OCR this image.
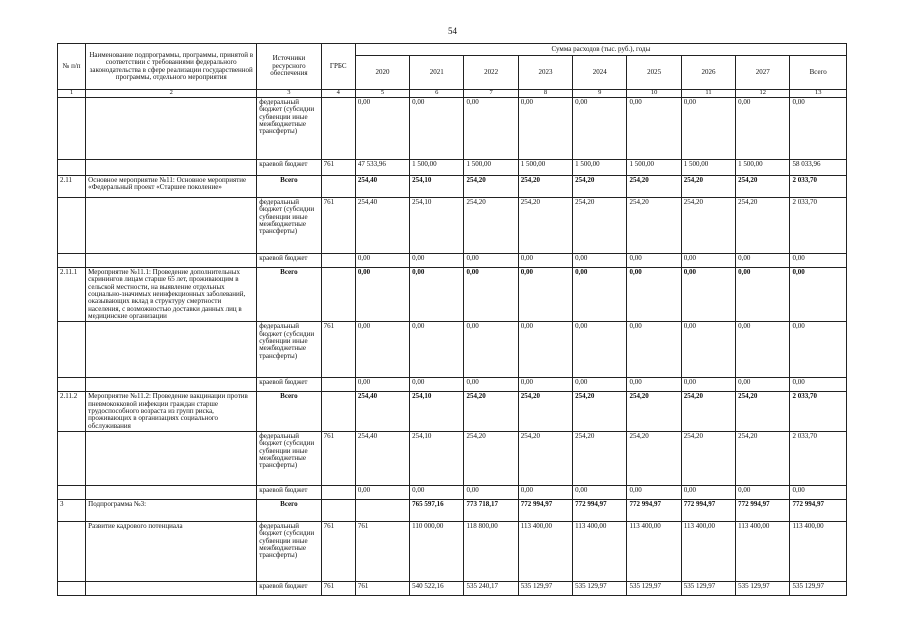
54
№ п/п	Наименование подпрограммы, программы, принятой в соответствии с требованиями федерального законодательства в сфере реализации государственной программы, отдельного мероприятия	Источники ресурсного обеспечения	ГРБС	Сумма расходов (тыс. руб.), годы								
				2020	2021	2022	2023	2024	2025	2026	2027	Всего
1	2	3	4	5	6	7	8	9	10	11	12	13
		федеральный бюджет (субсидии субвенции иные межбюджетные трансферты)		0,00	0,00	0,00	0,00	0,00	0,00	0,00	0,00	0,00
		краевой бюджет	761	47 533,96	1 500,00	1 500,00	1 500,00	1 500,00	1 500,00	1 500,00	1 500,00	58 033,96
2.11	Основное мероприятие №11: Основное мероприятие «Федеральный проект «Старшее поколение»	Всего		254,40	254,10	254,20	254,20	254,20	254,20	254,20	254,20	2 033,70
		федеральный бюджет (субсидии субвенции иные межбюджетные трансферты)	761	254,40	254,10	254,20	254,20	254,20	254,20	254,20	254,20	2 033,70
		краевой бюджет		0,00	0,00	0,00	0,00	0,00	0,00	0,00	0,00	0,00
2.11.1	Мероприятие №11.1: Проведение дополнительных скринингов лицам старше 65 лет, проживающим в сельской местности, на выявление отдельных социально-значимых неинфекционных заболеваний, оказывающих вклад в структуру смертности населения, с возможностью доставки данных лиц в медицинские организации	Всего		0,00	0,00	0,00	0,00	0,00	0,00	0,00	0,00	0,00
		федеральный бюджет (субсидии субвенции иные межбюджетные трансферты)	761	0,00	0,00	0,00	0,00	0,00	0,00	0,00	0,00	0,00
		краевой бюджет		0,00	0,00	0,00	0,00	0,00	0,00	0,00	0,00	0,00
2.11.2	Мероприятие №11.2: Проведение вакцинации против пневмококковой инфекции граждан старше трудоспособного возраста из групп риска, проживающих в организациях социального обслуживания	Всего		254,40	254,10	254,20	254,20	254,20	254,20	254,20	254,20	2 033,70
		федеральный бюджет (субсидии субвенции иные межбюджетные трансферты)	761	254,40	254,10	254,20	254,20	254,20	254,20	254,20	254,20	2 033,70
		краевой бюджет		0,00	0,00	0,00	0,00	0,00	0,00	0,00	0,00	0,00
3	Подпрограмма №3:	Всего			765 597,16	773 718,17	772 994,97	772 994,97	772 994,97	772 994,97	772 994,97	772 994,97
	Развитие кадрового потенциала	федеральный бюджет (субсидии субвенции иные межбюджетные трансферты)	761	761	110 000,00	118 800,00	113 400,00	113 400,00	113 400,00	113 400,00	113 400,00	113 400,00
		краевой бюджет	761	761	540 522,16	535 240,17	535 129,97	535 129,97	535 129,97	535 129,97	535 129,97	535 129,97
